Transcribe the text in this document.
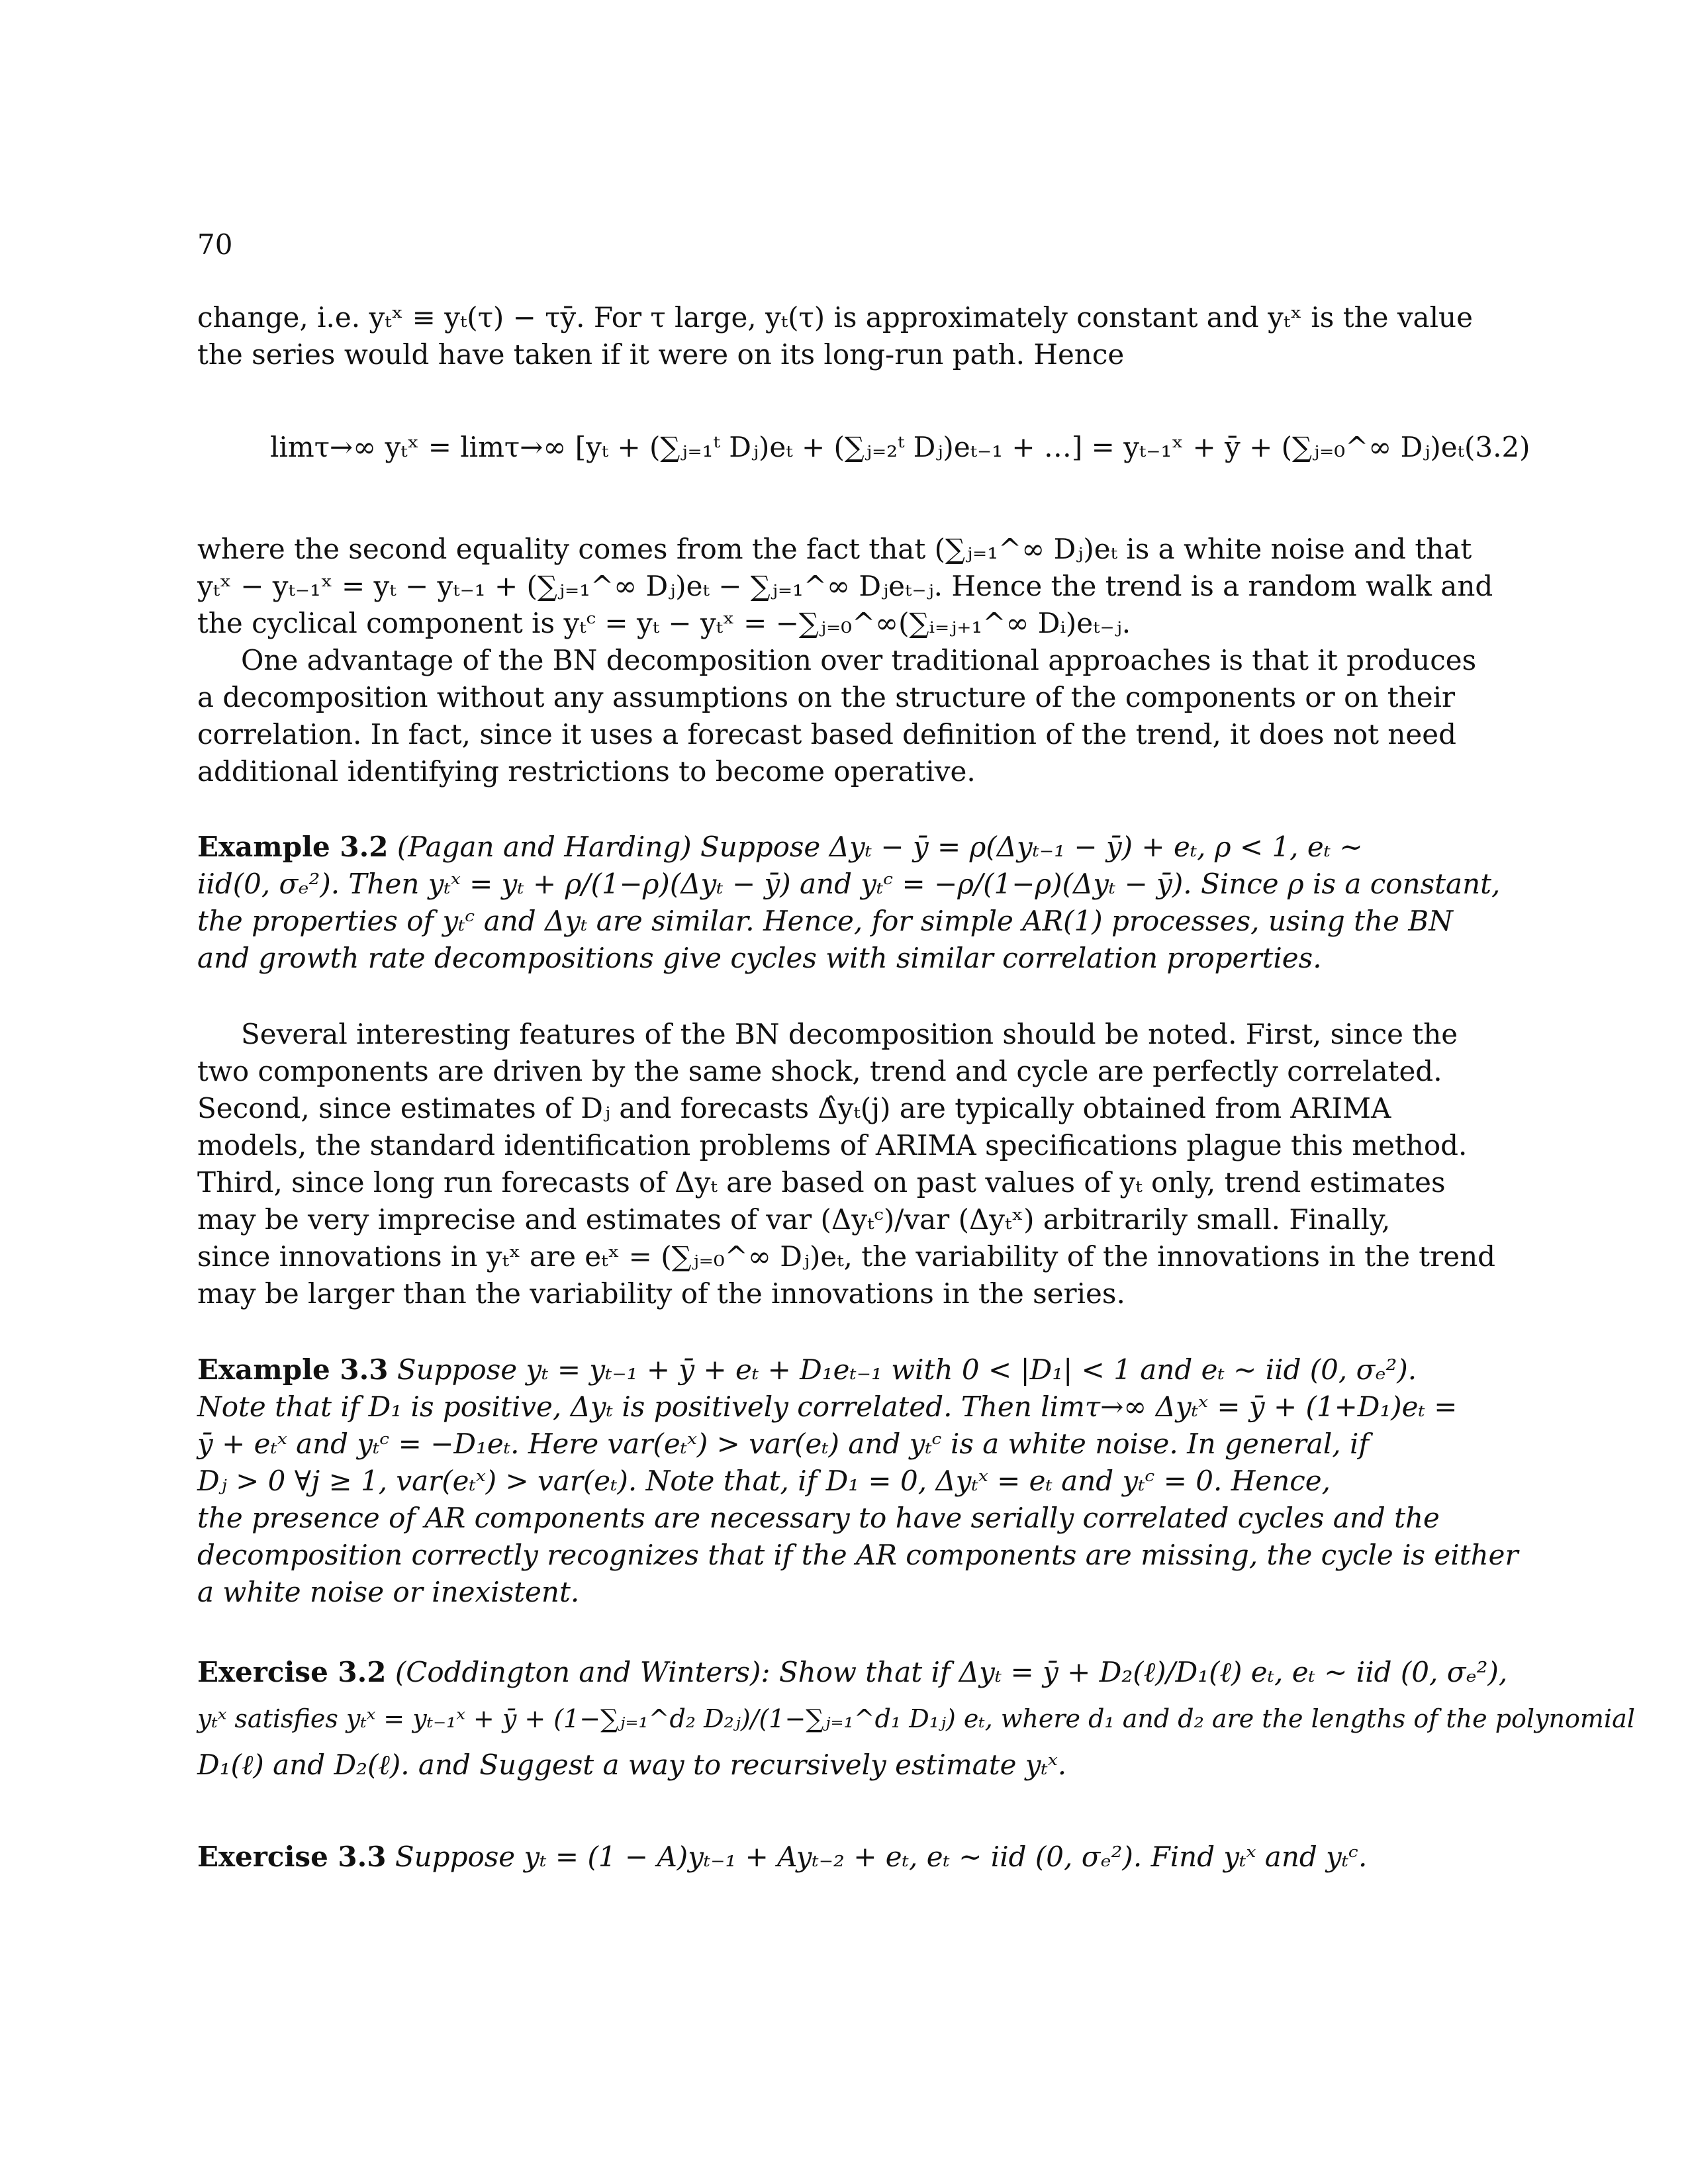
70
change, i.e. yₜˣ ≡ yₜ(τ) − τȳ. For τ large, yₜ(τ) is approximately constant and yₜˣ is the value
the series would have taken if it were on its long-run path. Hence
limτ→∞ yₜˣ = limτ→∞ [yₜ + (∑ⱼ₌₁ᵗ Dⱼ)eₜ + (∑ⱼ₌₂ᵗ Dⱼ)eₜ₋₁ + …] = yₜ₋₁ˣ + ȳ + (∑ⱼ₌₀^∞ Dⱼ)eₜ (3.2)
where the second equality comes from the fact that (∑ⱼ₌₁^∞ Dⱼ)eₜ is a white noise and that
yₜˣ − yₜ₋₁ˣ = yₜ − yₜ₋₁ + (∑ⱼ₌₁^∞ Dⱼ)eₜ − ∑ⱼ₌₁^∞ Dⱼeₜ₋ⱼ. Hence the trend is a random walk and
the cyclical component is yₜᶜ = yₜ − yₜˣ = −∑ⱼ₌₀^∞(∑ᵢ₌ⱼ₊₁^∞ Dᵢ)eₜ₋ⱼ.
One advantage of the BN decomposition over traditional approaches is that it produces
a decomposition without any assumptions on the structure of the components or on their
correlation. In fact, since it uses a forecast based definition of the trend, it does not need
additional identifying restrictions to become operative.
Example 3.2 (Pagan and Harding) Suppose Δyₜ − ȳ = ρ(Δyₜ₋₁ − ȳ) + eₜ, ρ < 1, eₜ ~
iid(0, σₑ²). Then yₜˣ = yₜ + ρ/(1−ρ)(Δyₜ − ȳ) and yₜᶜ = −ρ/(1−ρ)(Δyₜ − ȳ). Since ρ is a constant,
the properties of yₜᶜ and Δyₜ are similar. Hence, for simple AR(1) processes, using the BN
and growth rate decompositions give cycles with similar correlation properties.
Several interesting features of the BN decomposition should be noted. First, since the
two components are driven by the same shock, trend and cycle are perfectly correlated.
Second, since estimates of Dⱼ and forecasts Δ̂yₜ(j) are typically obtained from ARIMA
models, the standard identification problems of ARIMA specifications plague this method.
Third, since long run forecasts of Δyₜ are based on past values of yₜ only, trend estimates
may be very imprecise and estimates of var (Δyₜᶜ)/var (Δyₜˣ) arbitrarily small. Finally,
since innovations in yₜˣ are eₜˣ = (∑ⱼ₌₀^∞ Dⱼ)eₜ, the variability of the innovations in the trend
may be larger than the variability of the innovations in the series.
Example 3.3 Suppose yₜ = yₜ₋₁ + ȳ + eₜ + D₁eₜ₋₁ with 0 < |D₁| < 1 and eₜ ~ iid (0, σₑ²).
Note that if D₁ is positive, Δyₜ is positively correlated. Then limτ→∞ Δyₜˣ = ȳ + (1+D₁)eₜ =
ȳ + eₜˣ and yₜᶜ = −D₁eₜ. Here var(eₜˣ) > var(eₜ) and yₜᶜ is a white noise. In general, if
Dⱼ > 0 ∀j ≥ 1, var(eₜˣ) > var(eₜ). Note that, if D₁ = 0, Δyₜˣ = eₜ and yₜᶜ = 0. Hence,
the presence of AR components are necessary to have serially correlated cycles and the
decomposition correctly recognizes that if the AR components are missing, the cycle is either
a white noise or inexistent.
Exercise 3.2 (Coddington and Winters): Show that if Δyₜ = ȳ + D₂(ℓ)/D₁(ℓ) eₜ, eₜ ~ iid (0, σₑ²),
yₜˣ satisfies yₜˣ = yₜ₋₁ˣ + ȳ + (1−∑ⱼ₌₁^d₂ D₂ⱼ)/(1−∑ⱼ₌₁^d₁ D₁ⱼ) eₜ, where d₁ and d₂ are the lengths of the polynomial
D₁(ℓ) and D₂(ℓ). and Suggest a way to recursively estimate yₜˣ.
Exercise 3.3 Suppose yₜ = (1 − A)yₜ₋₁ + Ayₜ₋₂ + eₜ, eₜ ~ iid (0, σₑ²). Find yₜˣ and yₜᶜ.
